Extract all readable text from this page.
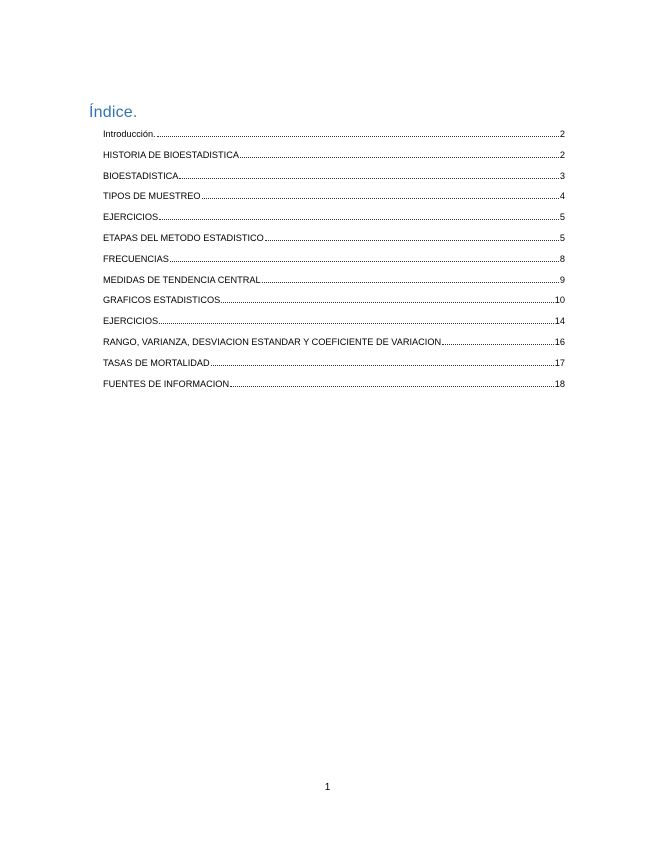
Índice.
Introducción.	2
HISTORIA DE BIOESTADISTICA	2
BIOESTADISTICA	3
TIPOS DE MUESTREO	4
EJERCICIOS	5
ETAPAS DEL METODO ESTADISTICO	5
FRECUENCIAS	8
MEDIDAS DE TENDENCIA CENTRAL	9
GRAFICOS ESTADISTICOS	10
EJERCICIOS	14
RANGO, VARIANZA, DESVIACION ESTANDAR Y COEFICIENTE DE VARIACION	16
TASAS DE MORTALIDAD	17
FUENTES DE INFORMACION	18
1
